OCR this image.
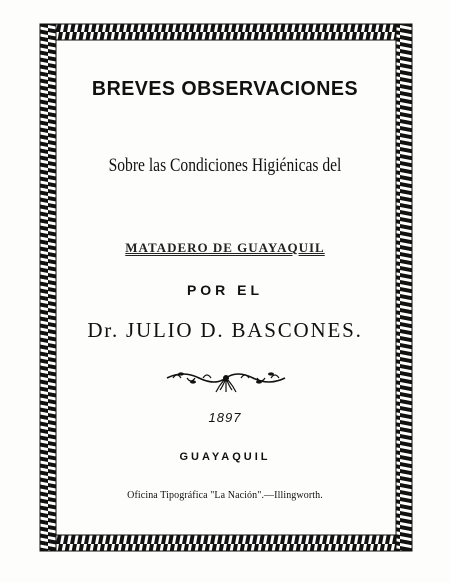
BREVES OBSERVACIONES
Sobre las Condiciones Higiénicas del
MATADERO DE GUAYAQUIL
POR EL
Dr. JULIO D. BASCONES.
1897
GUAYAQUIL
Oficina Tipográfica "La Nación".—Illingworth.
